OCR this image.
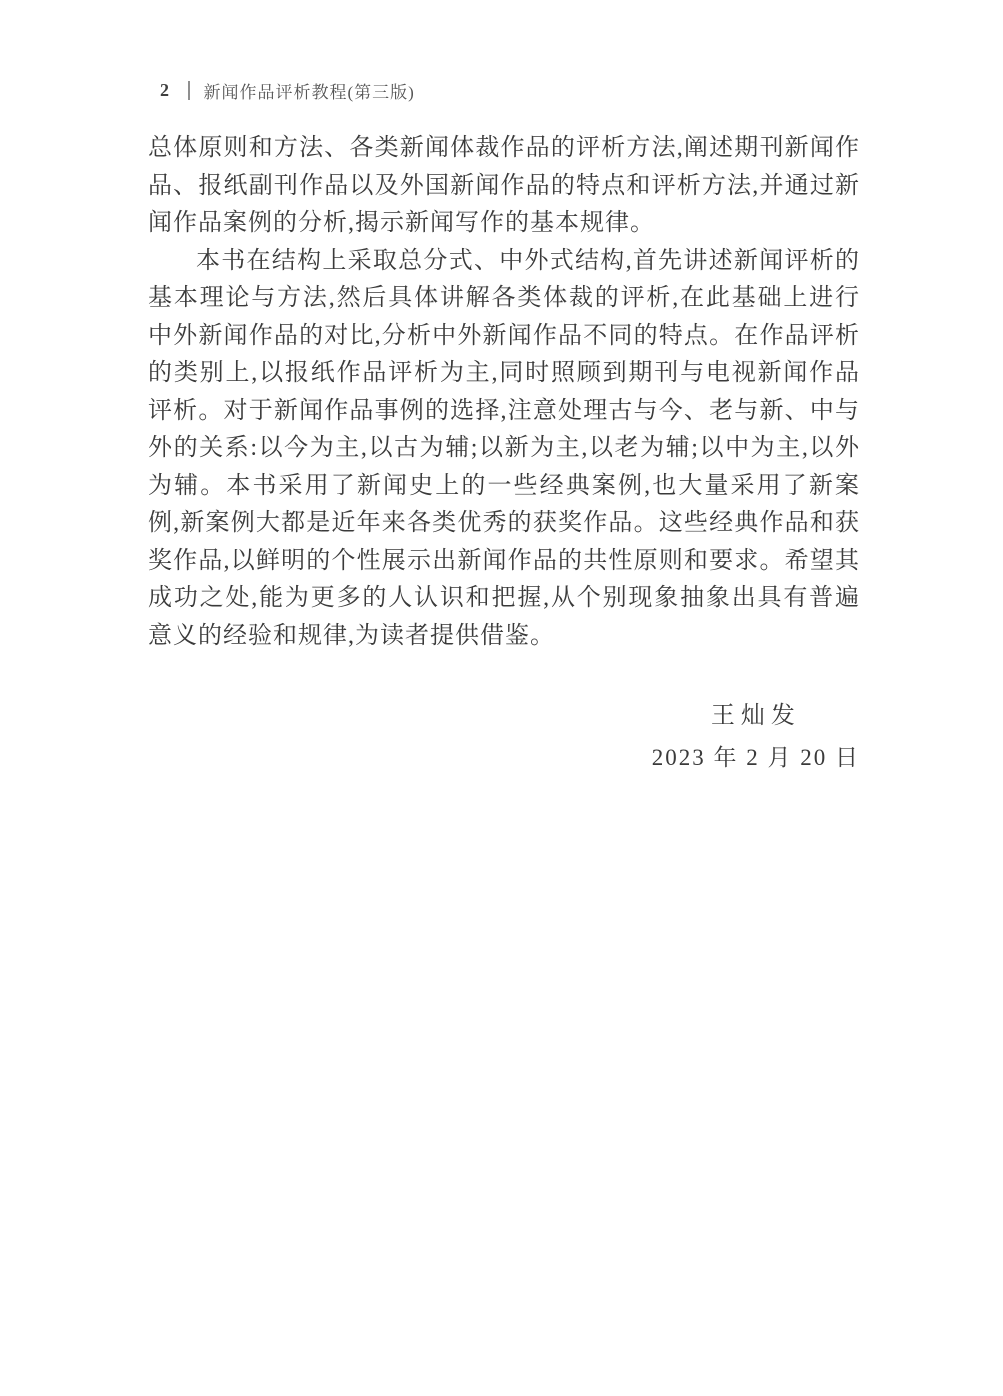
2 新闻作品评析教程(第三版)

总体原则和方法、各类新闻体裁作品的评析方法,阐述期刊新闻作品、报纸副刊作品以及外国新闻作品的特点和评析方法,并通过新闻作品案例的分析,揭示新闻写作的基本规律。

本书在结构上采取总分式、中外式结构,首先讲述新闻评析的基本理论与方法,然后具体讲解各类体裁的评析,在此基础上进行中外新闻作品的对比,分析中外新闻作品不同的特点。在作品评析的类别上,以报纸作品评析为主,同时照顾到期刊与电视新闻作品评析。对于新闻作品事例的选择,注意处理古与今、老与新、中与外的关系:以今为主,以古为辅;以新为主,以老为辅;以中为主,以外为辅。本书采用了新闻史上的一些经典案例,也大量采用了新案例,新案例大都是近年来各类优秀的获奖作品。这些经典作品和获奖作品,以鲜明的个性展示出新闻作品的共性原则和要求。希望其成功之处,能为更多的人认识和把握,从个别现象抽象出具有普遍意义的经验和规律,为读者提供借鉴。

王灿发
2023 年 2 月 20 日
